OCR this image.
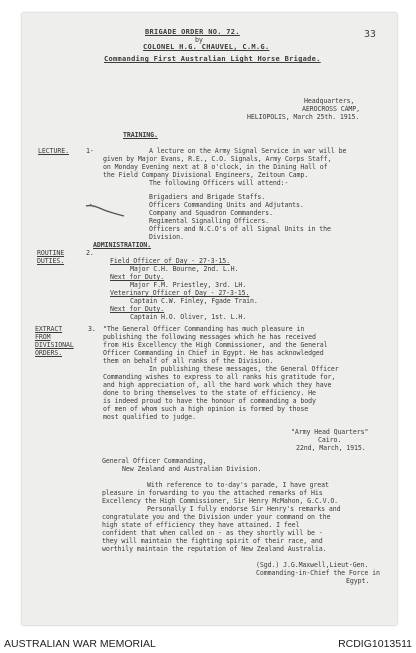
33
BRIGADE ORDER NO. 72.
by
COLONEL H.G. CHAUVEL, C.M.G.
Commanding First Australian Light Horse Brigade.
Headquarters,
AEROCROSS CAMP,
HELIOPOLIS, March 25th. 1915.
TRAINING.
LECTURE.	1-	A lecture on the Army Signal Service in war will be
given by Major Evans, R.E., C.O. Signals, Army Corps Staff,
on Monday Evening next at 8 o'clock, in the Dining Hall of
the Field Company Divisional Engineers, Zeitoun Camp.
The following Officers will attend:-
Brigadiers and Brigade Staffs.
Officers Commanding Units and Adjutants.
Company and Squadron Commanders.
Regimental Signalling Officers.
Officers and N.C.O's of all Signal Units in the
Division.
ADMINISTRATION.
ROUTINE
DUTIES.
2.
Field Officer of Day - 27-3-15.
Major C.H. Bourne, 2nd. L.H.
Next for Duty.
Major F.M. Priestley, 3rd. LH.
Veterinary Officer of Day - 27-3-15.
Captain C.W. Finley, Fgade Train.
Next for Duty.
Captain H.O. Oliver, 1st. L.H.
EXTRACT
FROM
DIVISIONAL
ORDERS.
3. "The General Officer Commanding has much pleasure in
publishing the following messages which he has received
from His Excellency the High Commissioner, and the General
Officer Commanding in Chief in Egypt. He has acknowledged
them on behalf of all ranks of the Division.
In publishing these messages, the General Officer
Commanding wishes to express to all ranks his gratitude for,
and high appreciation of, all the hard work which they have
done to bring themselves to the state of efficiency. He
is indeed proud to have the honour of commanding a body
of men of whom such a high opinion is formed by those
most qualified to judge.
"Army Head Quarters"
Cairo.
22nd, March, 1915.
General Officer Commanding,
New Zealand and Australian Division.
With reference to to-day's parade, I have great
pleasure in forwarding to you the attached remarks of His
Excellency the High Commissioner, Sir Henry McMahon, G.C.V.O.
Personally I fully endorse Sir Henry's remarks and
congratulate you and the Division under your command on the
high state of efficiency they have attained. I feel
confident that when called on - as they shortly will be -
they will maintain the fighting spirit of their race, and
worthily maintain the reputation of New Zealand Australia.
(Sgd.) J.G.Maxwell,Lieut-Gen.
Commanding-in-Chief the Force in
Egypt.
AUSTRALIAN WAR MEMORIAL	RCDIG1013511
